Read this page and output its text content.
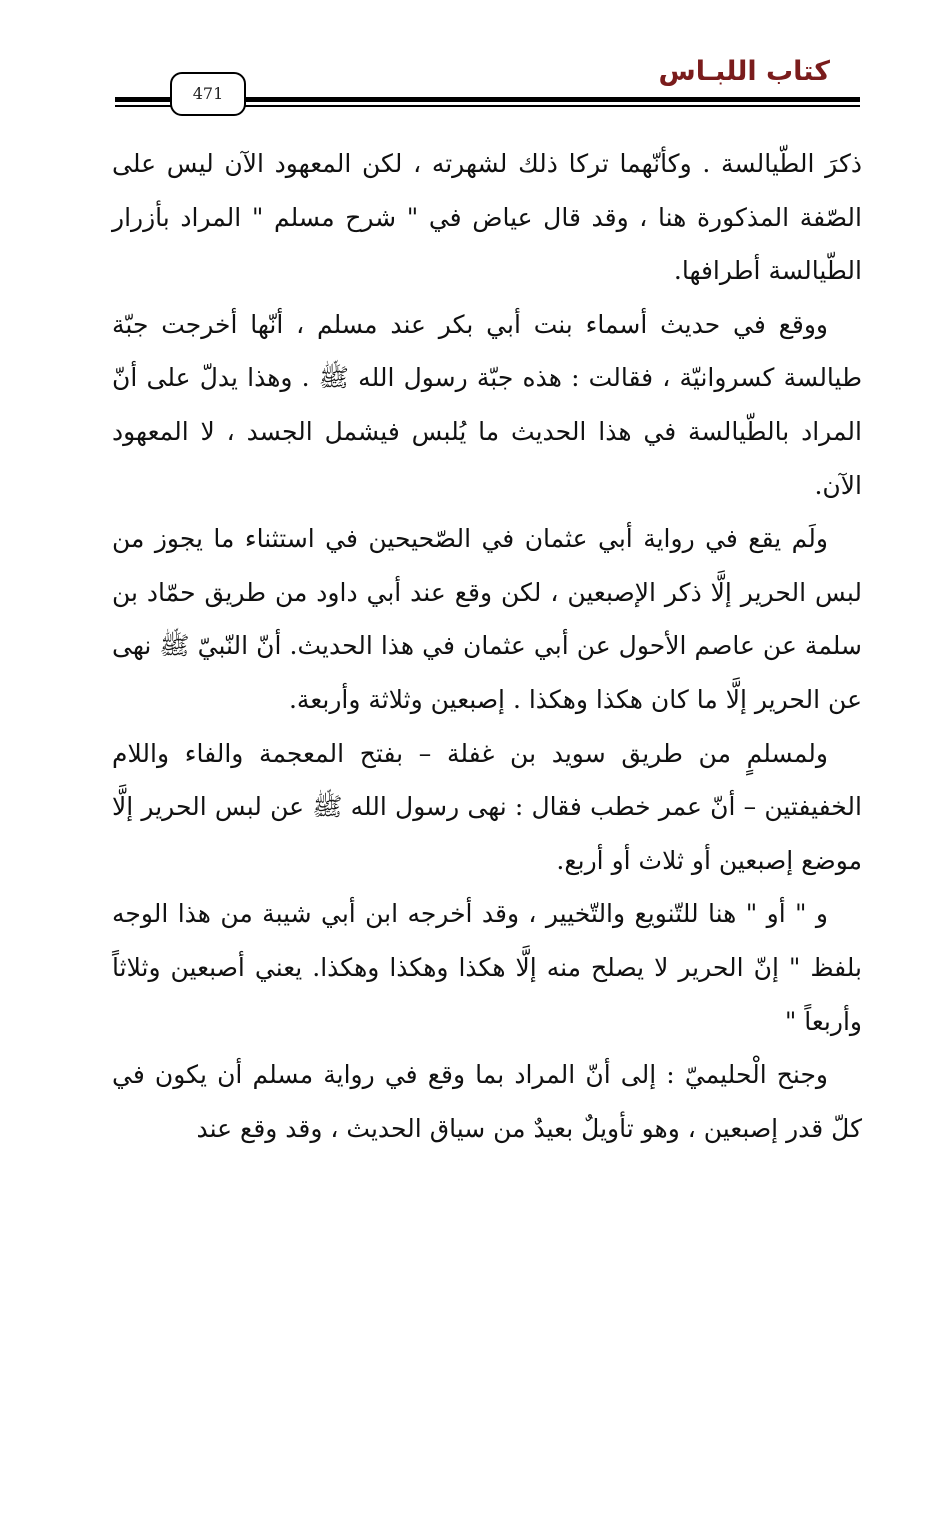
كتاب اللبـاس
471

ذكرَ الطّيالسة . وكأنّهما تركا ذلك لشهرته ، لكن المعهود الآن ليس على الصّفة المذكورة هنا ، وقد قال عياض في " شرح مسلم " المراد بأزرار الطّيالسة أطرافها.

ووقع في حديث أسماء بنت أبي بكر عند مسلم ، أنّها أخرجت جبّة طيالسة كسروانيّة ، فقالت : هذه جبّة رسول الله ﷺ . وهذا يدلّ على أنّ المراد بالطّيالسة في هذا الحديث ما يُلبس فيشمل الجسد ، لا المعهود الآن.

ولَم يقع في رواية أبي عثمان في الصّحيحين في استثناء ما يجوز من لبس الحرير إلَّا ذكر الإصبعين ، لكن وقع عند أبي داود من طريق حمّاد بن سلمة عن عاصم الأحول عن أبي عثمان في هذا الحديث. أنّ النّبيّ ﷺ نهى عن الحرير إلَّا ما كان هكذا وهكذا . إصبعين وثلاثة وأربعة.

ولمسلمٍ من طريق سويد بن غفلة – بفتح المعجمة والفاء واللام الخفيفتين – أنّ عمر خطب فقال : نهى رسول الله ﷺ عن لبس الحرير إلَّا موضع إصبعين أو ثلاث أو أربع.

و " أو " هنا للتّنويع والتّخيير ، وقد أخرجه ابن أبي شيبة من هذا الوجه بلفظ " إنّ الحرير لا يصلح منه إلَّا هكذا وهكذا وهكذا. يعني أصبعين وثلاثاً وأربعاً "

وجنح الْحليميّ : إلى أنّ المراد بما وقع في رواية مسلم أن يكون في كلّ قدر إصبعين ، وهو تأويلٌ بعيدٌ من سياق الحديث ، وقد وقع عند
